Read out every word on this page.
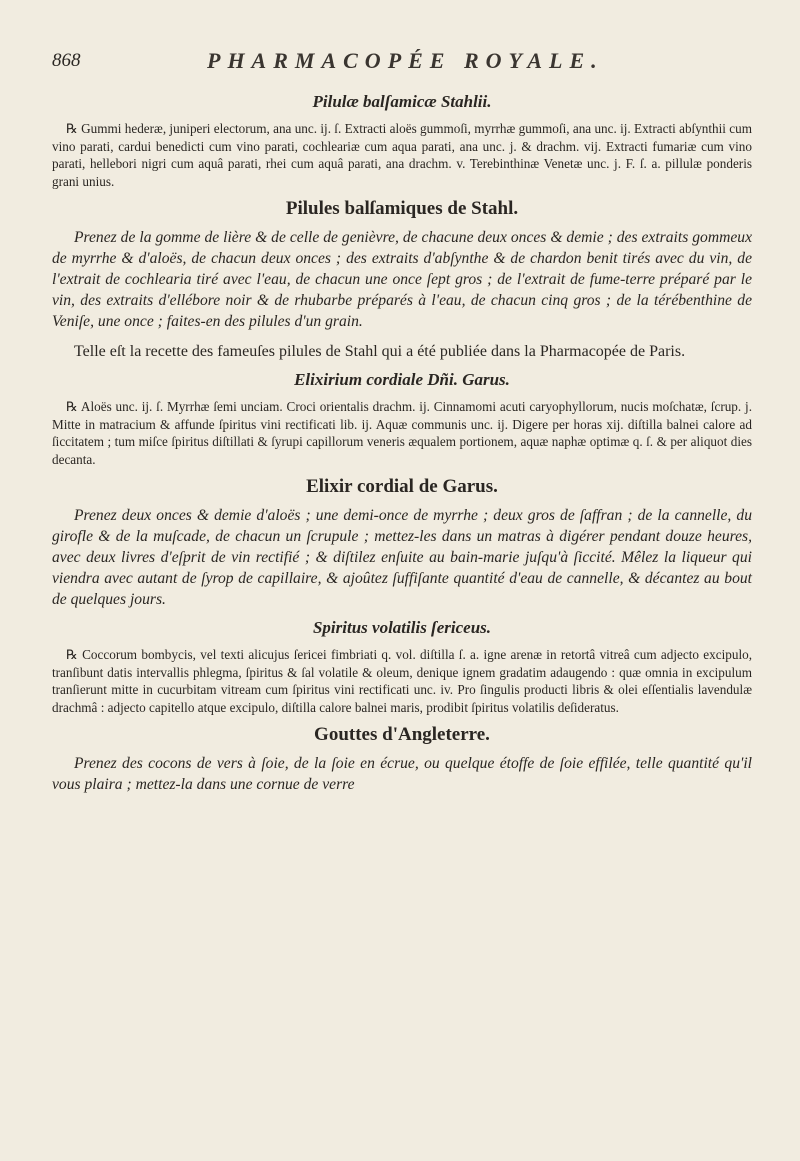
868	PHARMACOPÉE ROYALE.
Pilulæ balſamicæ Stahlii.

℞ Gummi hederæ, juniperi electorum, ana unc. ij. ſ. Extracti aloës gummoſi, myrrhæ gummoſi, ana unc. ij. Extracti abſynthii cum vino parati, cardui benedicti cum vino parati, cochleariæ cum aqua parati, ana unc. j. & drachm. vij. Extracti fumariæ cum vino parati, hellebori nigri cum aquâ parati, rhei cum aquâ parati, ana drachm. v. Terebinthinæ Venetæ unc. j. F. ſ. a. pillulæ ponderis grani unius.

Pilules balſamiques de Stahl.

Prenez de la gomme de lière & de celle de genièvre, de chacune deux onces & demie ; des extraits gommeux de myrrhe & d'aloës, de chacun deux onces ; des extraits d'abſynthe & de chardon benit tirés avec du vin, de l'extrait de cochlearia tiré avec l'eau, de chacun une once ſept gros ; de l'extrait de fume-terre préparé par le vin, des extraits d'ellébore noir & de rhubarbe préparés à l'eau, de chacun cinq gros ; de la térébenthine de Veniſe, une once ; faites-en des pilules d'un grain.

Telle eſt la recette des fameuſes pilules de Stahl qui a été publiée dans la Pharmacopée de Paris.

Elixirium cordiale Dñi. Garus.

℞ Aloës unc. ij. ſ. Myrrhæ ſemi unciam. Croci orientalis drachm. ij. Cinnamomi acuti caryophyllorum, nucis moſchatæ, ſcrup. j. Mitte in matracium & affunde ſpiritus vini rectificati lib. ij. Aquæ communis unc. ij. Digere per horas xij. diſtilla balnei calore ad ſiccitatem ; tum miſce ſpiritus diſtillati & ſyrupi capillorum veneris æqualem portionem, aquæ naphæ optimæ q. ſ. & per aliquot dies decanta.

Elixir cordial de Garus.

Prenez deux onces & demie d'aloës ; une demi-once de myrrhe ; deux gros de ſaffran ; de la cannelle, du girofle & de la muſcade, de chacun un ſcrupule ; mettez-les dans un matras à digérer pendant douze heures, avec deux livres d'eſprit de vin rectifié ; & diſtilez enſuite au bain-marie juſqu'à ſiccité. Mêlez la liqueur qui viendra avec autant de ſyrop de capillaire, & ajoûtez ſuffiſante quantité d'eau de cannelle, & décantez au bout de quelques jours.

Spiritus volatilis ſericeus.

℞ Coccorum bombycis, vel texti alicujus ſericei fimbriati q. vol. diſtilla ſ. a. igne arenæ in retortâ vitreâ cum adjecto excipulo, tranſibunt datis intervallis phlegma, ſpiritus & ſal volatile & oleum, denique ignem gradatim adaugendo : quæ omnia in excipulum tranſierunt mitte in cucurbitam vitream cum ſpiritus vini rectificati unc. iv. Pro ſingulis producti libris & olei eſſentialis lavendulæ drachmâ : adjecto capitello atque excipulo, diſtilla calore balnei maris, prodibit ſpiritus volatilis deſideratus.

Gouttes d'Angleterre.

Prenez des cocons de vers à ſoie, de la ſoie en écrue, ou quelque étoffe de ſoie effilée, telle quantité qu'il vous plaira ; mettez-la dans une cornue de verre
